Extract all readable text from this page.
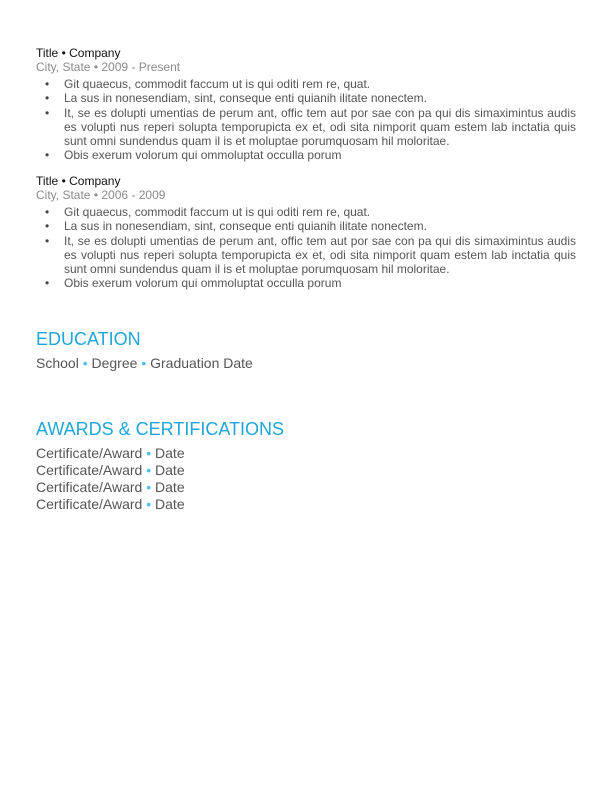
Title • Company
City, State • 2009 - Present
• Git quaecus, commodit faccum ut is qui oditi rem re, quat.
• La sus in nonesendiam, sint, conseque enti quianih ilitate nonectem.
• It, se es dolupti umentias de perum ant, offic tem aut por sae con pa qui dis simaximintus audis es volupti nus reperi solupta temporupicta ex et, odi sita nimporit quam estem lab inctatia quis sunt omni sundendus quam il is et moluptae porumquosam hil moloritae.
• Obis exerum volorum qui ommoluptat occulla porum
Title • Company
City, State • 2006 - 2009
• Git quaecus, commodit faccum ut is qui oditi rem re, quat.
• La sus in nonesendiam, sint, conseque enti quianih ilitate nonectem.
• It, se es dolupti umentias de perum ant, offic tem aut por sae con pa qui dis simaximintus audis es volupti nus reperi solupta temporupicta ex et, odi sita nimporit quam estem lab inctatia quis sunt omni sundendus quam il is et moluptae porumquosam hil moloritae.
• Obis exerum volorum qui ommoluptat occulla porum
EDUCATION
School • Degree • Graduation Date
AWARDS & CERTIFICATIONS
Certificate/Award • Date
Certificate/Award • Date
Certificate/Award • Date
Certificate/Award • Date
